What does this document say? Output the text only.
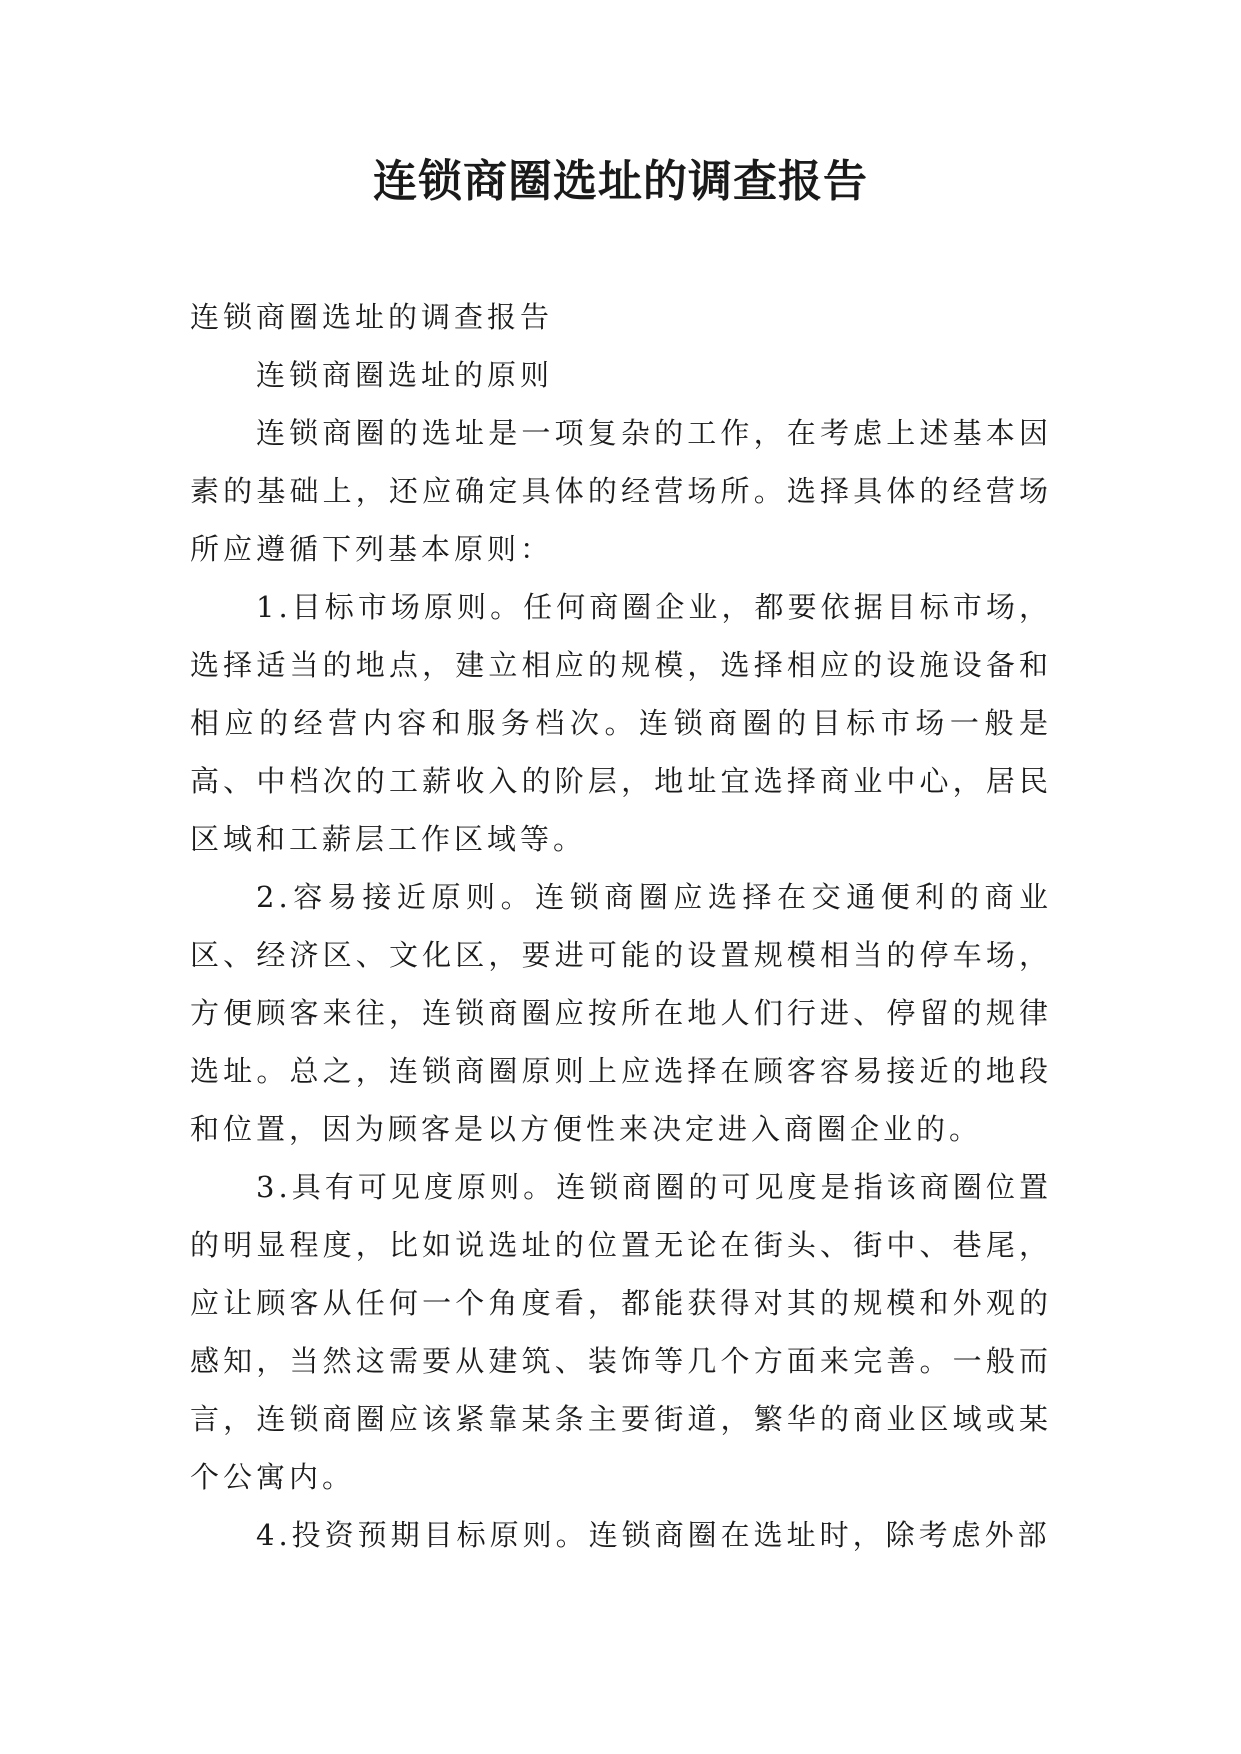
连锁商圈选址的调查报告

连锁商圈选址的调查报告

连锁商圈选址的原则

连锁商圈的选址是一项复杂的工作，在考虑上述基本因素的基础上，还应确定具体的经营场所。选择具体的经营场所应遵循下列基本原则：

1.目标市场原则。任何商圈企业，都要依据目标市场，选择适当的地点，建立相应的规模，选择相应的设施设备和相应的经营内容和服务档次。连锁商圈的目标市场一般是高、中档次的工薪收入的阶层，地址宜选择商业中心，居民区域和工薪层工作区域等。

2.容易接近原则。连锁商圈应选择在交通便利的商业区、经济区、文化区，要进可能的设置规模相当的停车场，方便顾客来往，连锁商圈应按所在地人们行进、停留的规律选址。总之，连锁商圈原则上应选择在顾客容易接近的地段和位置，因为顾客是以方便性来决定进入商圈企业的。

3.具有可见度原则。连锁商圈的可见度是指该商圈位置的明显程度，比如说选址的位置无论在街头、街中、巷尾，应让顾客从任何一个角度看，都能获得对其的规模和外观的感知，当然这需要从建筑、装饰等几个方面来完善。一般而言，连锁商圈应该紧靠某条主要街道，繁华的商业区域或某个公寓内。

4.投资预期目标原则。连锁商圈在选址时，除考虑外部
